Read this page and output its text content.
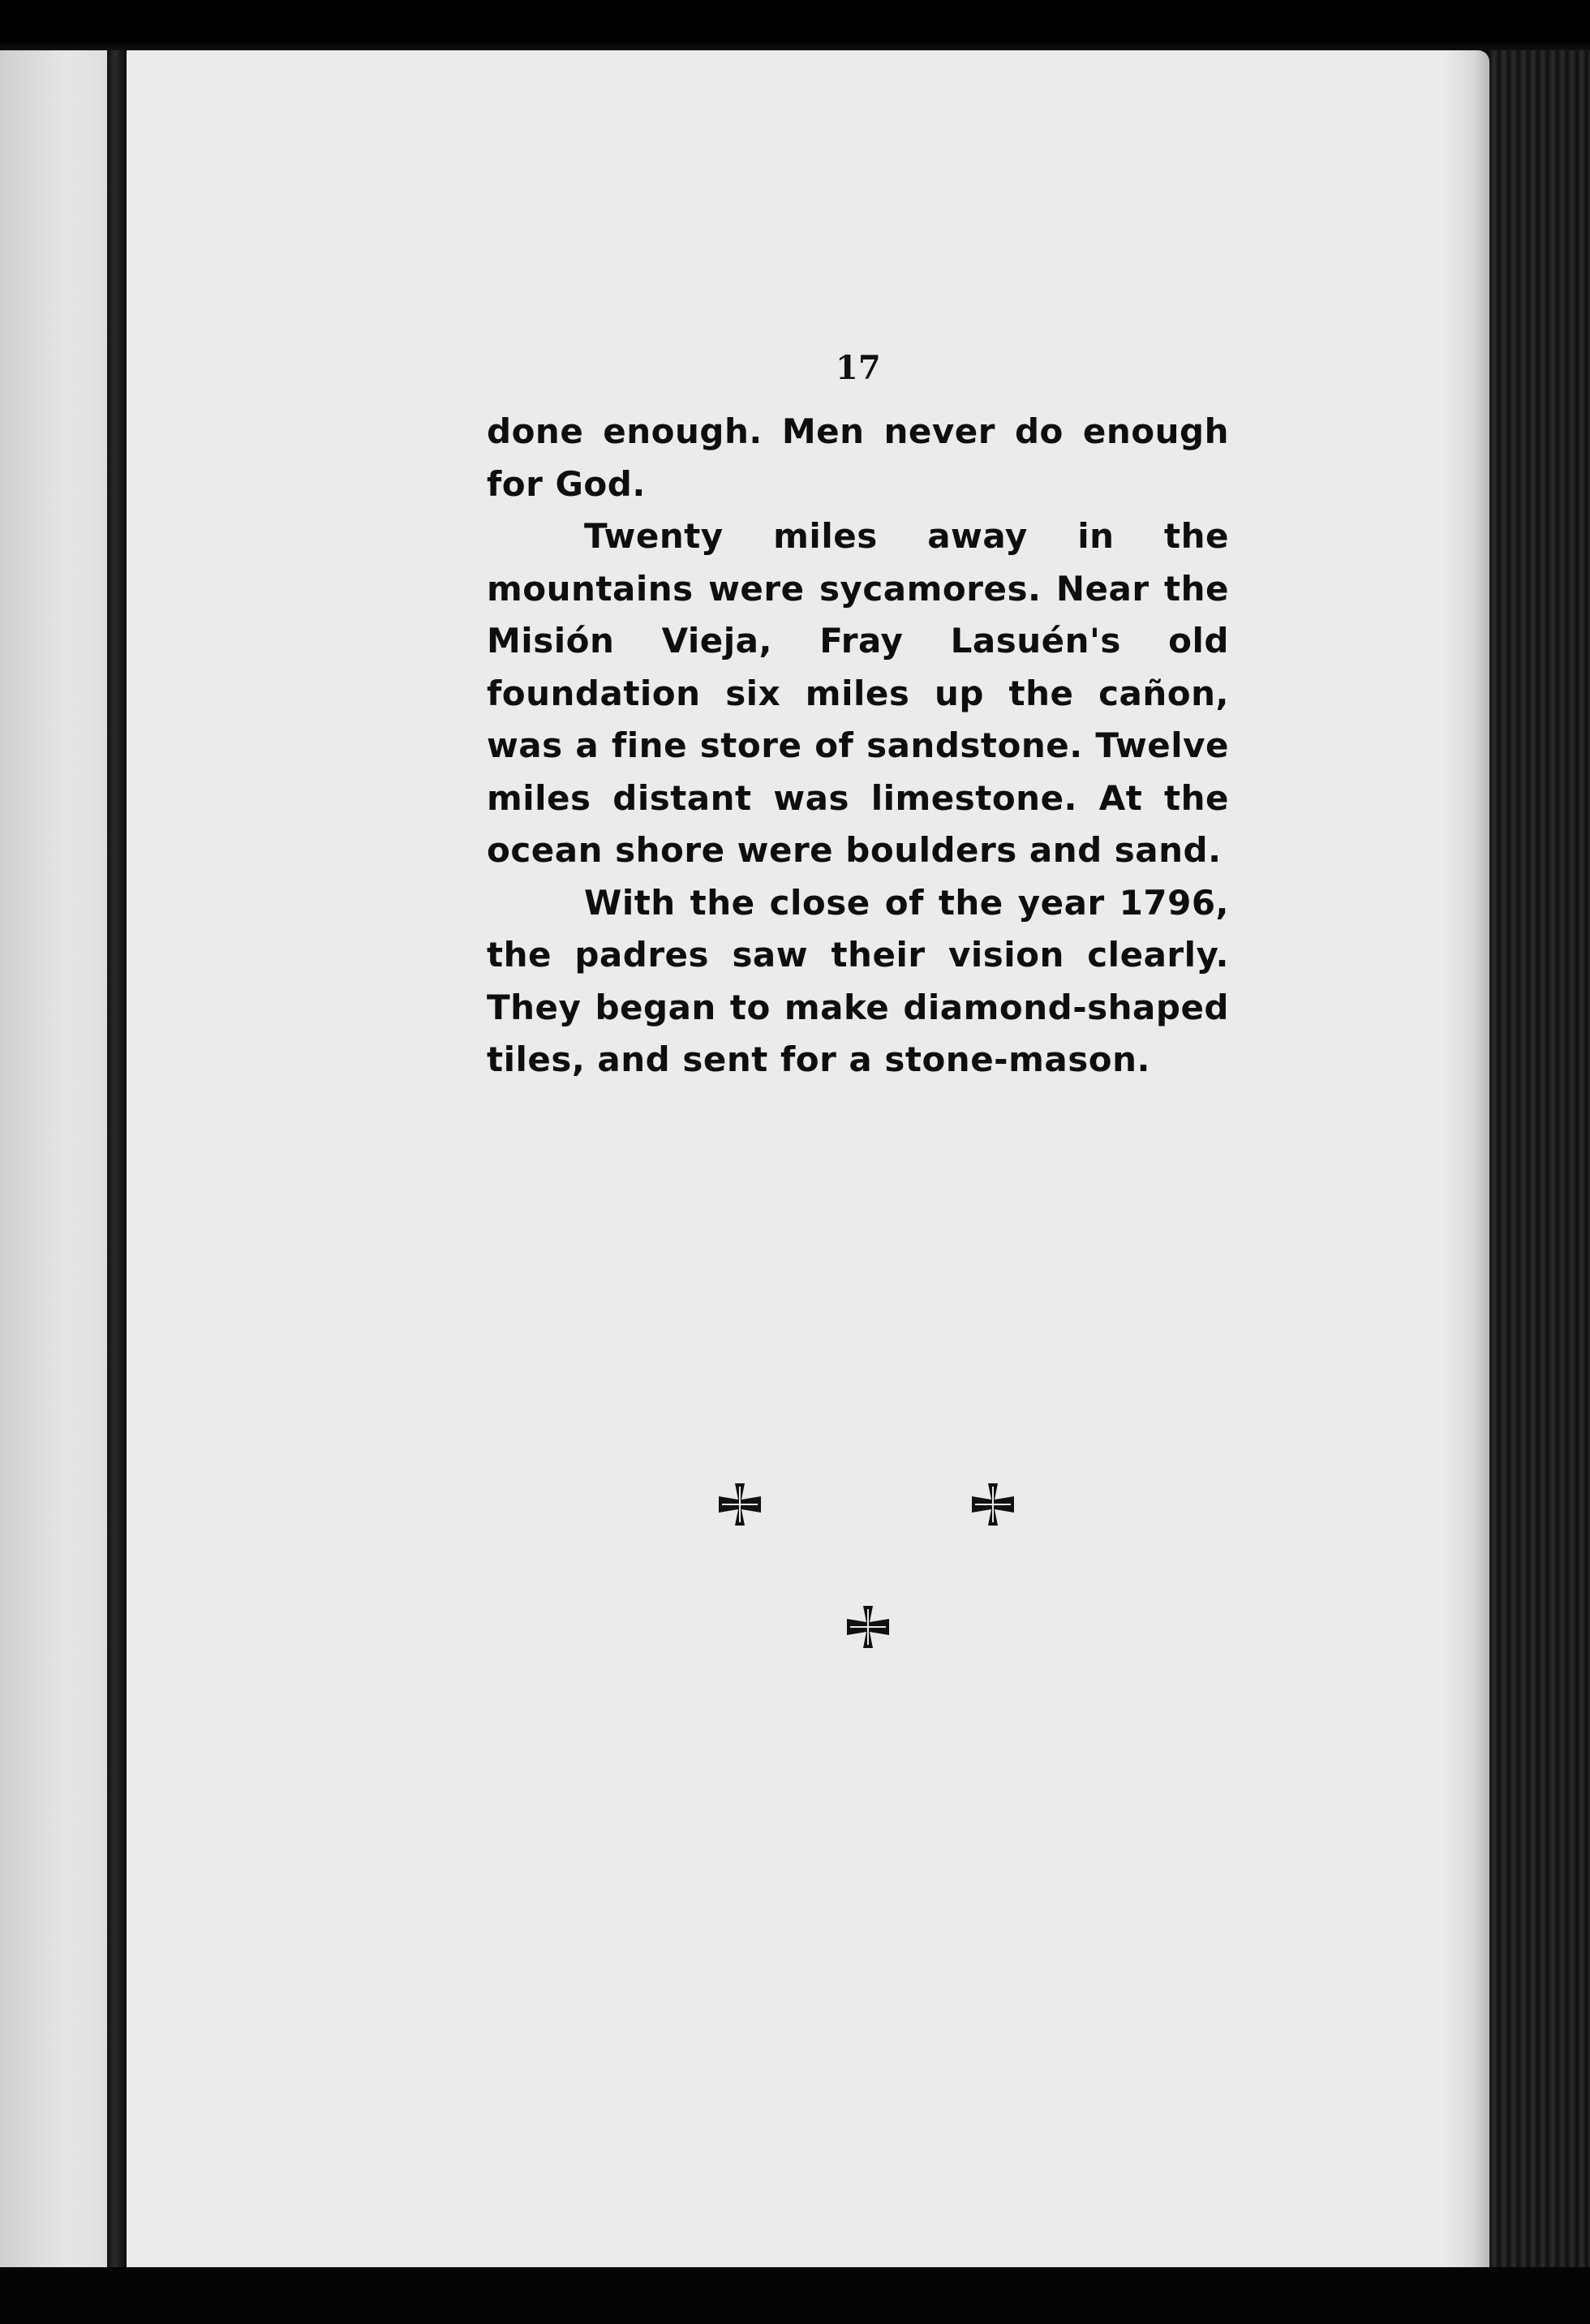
17

done enough. Men never do enough for God.

Twenty miles away in the mountains were sycamores. Near the Misión Vieja, Fray Lasuén's old foundation six miles up the cañon, was a fine store of sandstone. Twelve miles distant was limestone. At the ocean shore were boulders and sand.

With the close of the year 1796, the padres saw their vision clearly. They began to make diamond-shaped tiles, and sent for a stone-mason.
